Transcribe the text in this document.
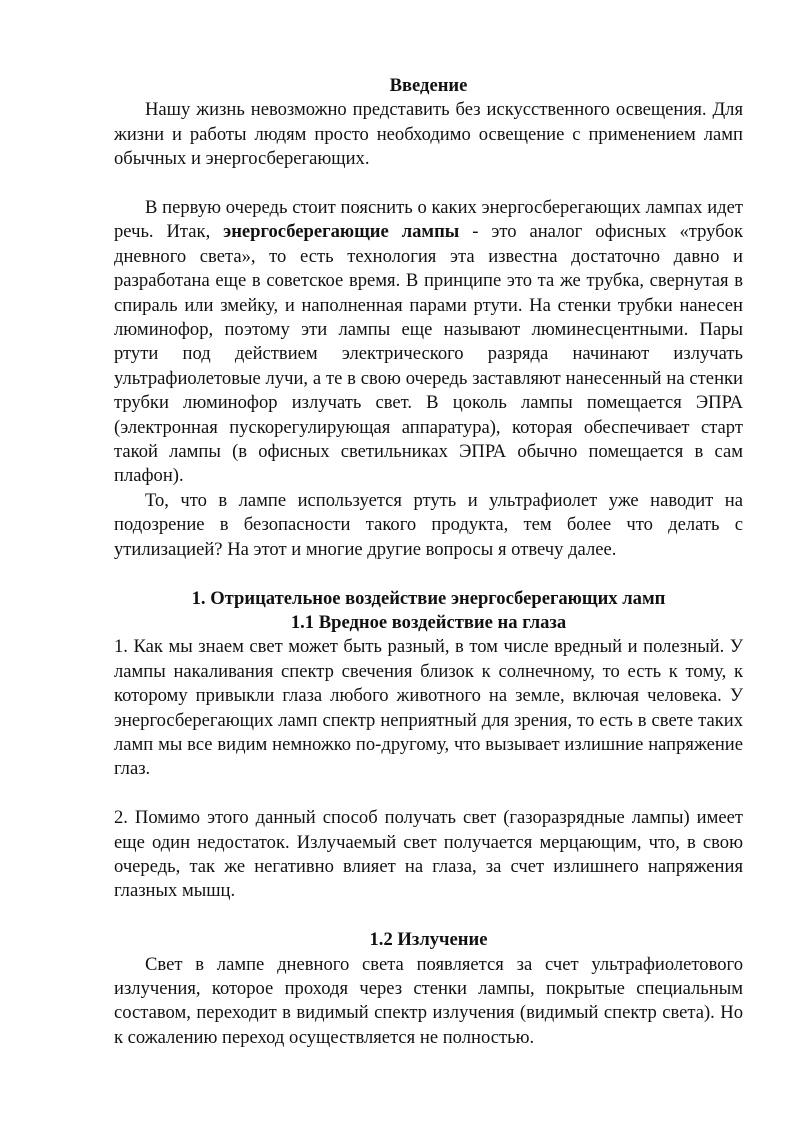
Введение

Нашу жизнь невозможно представить без искусственного освещения. Для жизни и работы людям просто необходимо освещение с применением ламп обычных и энергосберегающих.

В первую очередь стоит пояснить о каких энергосберегающих лампах идет речь. Итак, энергосберегающие лампы - это аналог офисных «трубок дневного света», то есть технология эта известна достаточно давно и разработана еще в советское время. В принципе это та же трубка, свернутая в спираль или змейку, и наполненная парами ртути. На стенки трубки нанесен люминофор, поэтому эти лампы еще называют люминесцентными. Пары ртути под действием электрического разряда начинают излучать ультрафиолетовые лучи, а те в свою очередь заставляют нанесенный на стенки трубки люминофор излучать свет. В цоколь лампы помещается ЭПРА (электронная пускорегулирующая аппаратура), которая обеспечивает старт такой лампы (в офисных светильниках ЭПРА обычно помещается в сам плафон).

То, что в лампе используется ртуть и ультрафиолет уже наводит на подозрение в безопасности такого продукта, тем более что делать с утилизацией? На этот и многие другие вопросы я отвечу далее.

1. Отрицательное воздействие энергосберегающих ламп

1.1 Вредное воздействие на глаза

1. Как мы знаем свет может быть разный, в том числе вредный и полезный. У лампы накаливания спектр свечения близок к солнечному, то есть к тому, к которому привыкли глаза любого животного на земле, включая человека. У энергосберегающих ламп спектр неприятный для зрения, то есть в свете таких ламп мы все видим немножко по-другому, что вызывает излишние напряжение глаз.

2. Помимо этого данный способ получать свет (газоразрядные лампы) имеет еще один недостаток. Излучаемый свет получается мерцающим, что, в свою очередь, так же негативно влияет на глаза, за счет излишнего напряжения глазных мышц.

1.2 Излучение

Свет в лампе дневного света появляется за счет ультрафиолетового излучения, которое проходя через стенки лампы, покрытые специальным составом, переходит в видимый спектр излучения (видимый спектр света). Но к сожалению переход осуществляется не полностью.
